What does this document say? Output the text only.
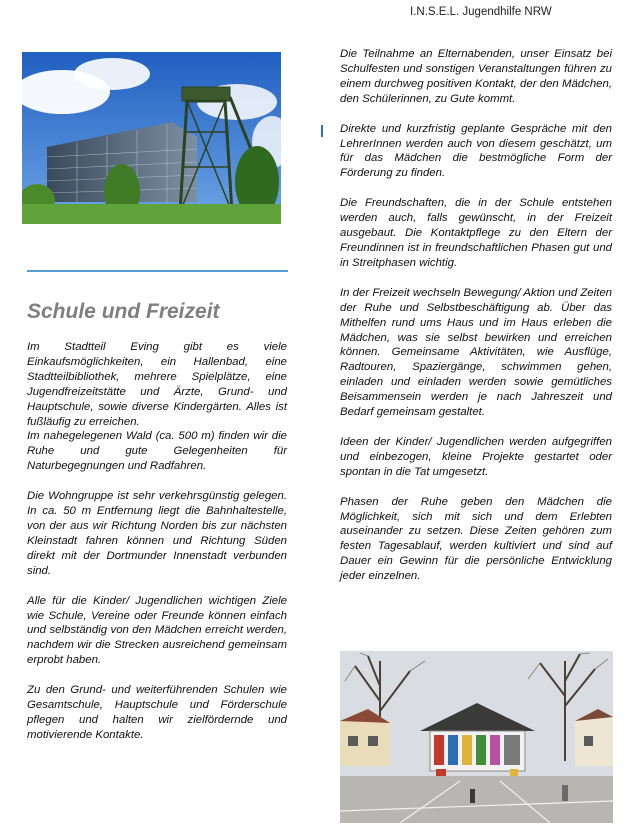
I.N.S.E.L. Jugendhilfe NRW
Schule und Freizeit

Im Stadtteil Eving gibt es viele Einkaufsmöglichkeiten, ein Hallenbad, eine Stadtteilbibliothek, mehrere Spielplätze, eine Jugendfreizeitstätte und Ärzte, Grund- und Hauptschule, sowie diverse Kindergärten. Alles ist fußläufig zu erreichen.

Im nahegelegenen Wald (ca. 500 m) finden wir die Ruhe und gute Gelegenheiten für Naturbegegnungen und Radfahren.

Die Wohngruppe ist sehr verkehrsgünstig gelegen. In ca. 50 m Entfernung liegt die Bahnhaltestelle, von der aus wir Richtung Norden bis zur nächsten Kleinstadt fahren können und Richtung Süden direkt mit der Dortmunder Innenstadt verbunden sind.

Alle für die Kinder/ Jugendlichen wichtigen Ziele wie Schule, Vereine oder Freunde können einfach und selbständig von den Mädchen erreicht werden, nachdem wir die Strecken ausreichend gemeinsam erprobt haben.

Zu den Grund- und weiterführenden Schulen wie Gesamtschule, Hauptschule und Förderschule pflegen und halten wir zielfördernde und motivierende Kontakte.

Die Teilnahme an Elternabenden, unser Einsatz bei Schulfesten und sonstigen Veranstaltungen führen zu einem durchweg positiven Kontakt, der den Mädchen, den Schülerinnen, zu Gute kommt.

Direkte und kurzfristig geplante Gespräche mit den LehrerInnen werden auch von diesem geschätzt, um für das Mädchen die bestmögliche Form der Förderung zu finden.

Die Freundschaften, die in der Schule entstehen werden auch, falls gewünscht, in der Freizeit ausgebaut. Die Kontaktpflege zu den Eltern der Freundinnen ist in freundschaftlichen Phasen gut und in Streitphasen wichtig.

In der Freizeit wechseln Bewegung/ Aktion und Zeiten der Ruhe und Selbstbeschäftigung ab. Über das Mithelfen rund ums Haus und im Haus erleben die Mädchen, was sie selbst bewirken und erreichen können. Gemeinsame Aktivitäten, wie Ausflüge, Radtouren, Spaziergänge, schwimmen gehen, einladen und einladen werden sowie gemütliches Beisammensein werden je nach Jahreszeit und Bedarf gemeinsam gestaltet.

Ideen der Kinder/ Jugendlichen werden aufgegriffen und einbezogen, kleine Projekte gestartet oder spontan in die Tat umgesetzt.

Phasen der Ruhe geben den Mädchen die Möglichkeit, sich mit sich und dem Erlebten auseinander zu setzen. Diese Zeiten gehören zum festen Tagesablauf, werden kultiviert und sind auf Dauer ein Gewinn für die persönliche Entwicklung jeder einzelnen.
